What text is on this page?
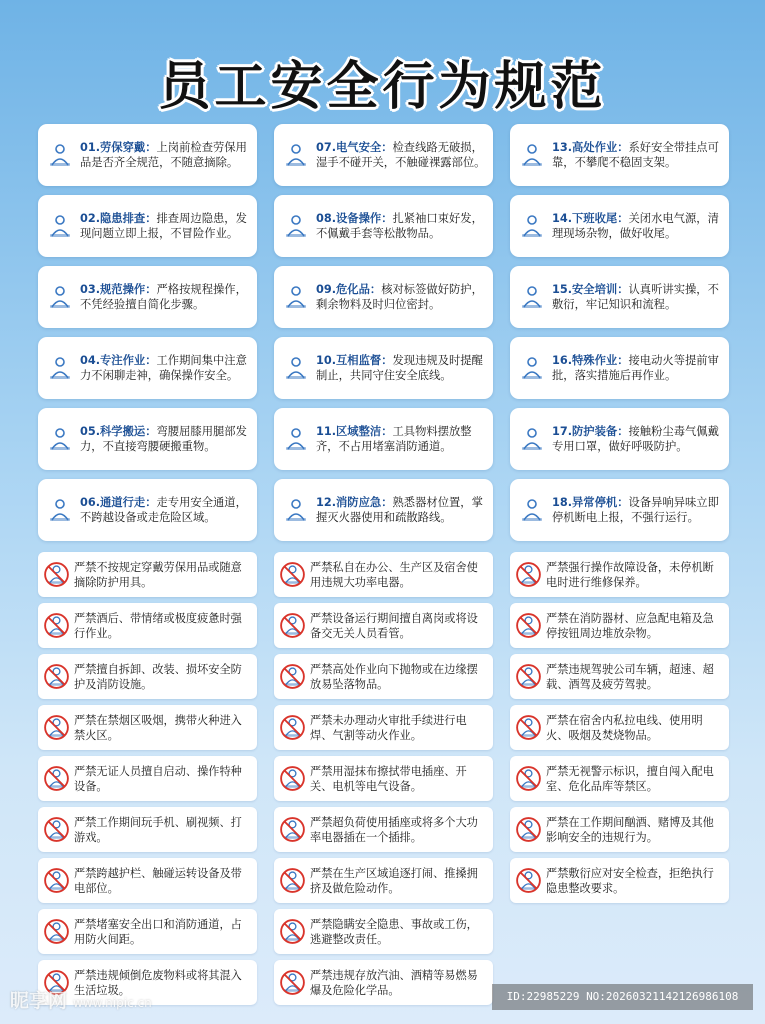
员工安全行为规范
01.劳保穿戴：上岗前检查劳保用品是否齐全规范，不随意摘除。
07.电气安全：检查线路无破损，湿手不碰开关，不触碰裸露部位。
13.高处作业：系好安全带挂点可靠，不攀爬不稳固支架。
02.隐患排查：排查周边隐患，发现问题立即上报，不冒险作业。
08.设备操作：扎紧袖口束好发，不佩戴手套等松散物品。
14.下班收尾：关闭水电气源，清理现场杂物，做好收尾。
03.规范操作：严格按规程操作，不凭经验擅自简化步骤。
09.危化品：核对标签做好防护，剩余物料及时归位密封。
15.安全培训：认真听讲实操，不敷衍，牢记知识和流程。
04.专注作业：工作期间集中注意力不闲聊走神，确保操作安全。
10.互相监督：发现违规及时提醒制止，共同守住安全底线。
16.特殊作业：接电动火等提前审批，落实措施后再作业。
05.科学搬运：弯腰屈膝用腿部发力，不直接弯腰硬搬重物。
11.区域整洁：工具物料摆放整齐，不占用堵塞消防通道。
17.防护装备：接触粉尘毒气佩戴专用口罩，做好呼吸防护。
06.通道行走：走专用安全通道，不跨越设备或走危险区域。
12.消防应急：熟悉器材位置，掌握灭火器使用和疏散路线。
18.异常停机：设备异响异味立即停机断电上报，不强行运行。
严禁不按规定穿戴劳保用品或随意摘除防护用具。
严禁私自在办公、生产区及宿舍使用违规大功率电器。
严禁强行操作故障设备，未停机断电时进行维修保养。
严禁酒后、带情绪或极度疲惫时强行作业。
严禁设备运行期间擅自离岗或将设备交无关人员看管。
严禁在消防器材、应急配电箱及急停按钮周边堆放杂物。
严禁擅自拆卸、改装、损坏安全防护及消防设施。
严禁高处作业向下抛物或在边缘摆放易坠落物品。
严禁违规驾驶公司车辆，超速、超载、酒驾及疲劳驾驶。
严禁在禁烟区吸烟，携带火种进入禁火区。
严禁未办理动火审批手续进行电焊、气割等动火作业。
严禁在宿舍内私拉电线、使用明火、吸烟及焚烧物品。
严禁无证人员擅自启动、操作特种设备。
严禁用湿抹布擦拭带电插座、开关、电机等电气设备。
严禁无视警示标识，擅自闯入配电室、危化品库等禁区。
严禁工作期间玩手机、刷视频、打游戏。
严禁超负荷使用插座或将多个大功率电器插在一个插排。
严禁在工作期间酗酒、赌博及其他影响安全的违规行为。
严禁跨越护栏、触碰运转设备及带电部位。
严禁在生产区域追逐打闹、推搡拥挤及做危险动作。
严禁敷衍应对安全检查，拒绝执行隐患整改要求。
严禁堵塞安全出口和消防通道，占用防火间距。
严禁隐瞒安全隐患、事故或工伤，逃避整改责任。
严禁违规倾倒危废物料或将其混入生活垃圾。
严禁违规存放汽油、酒精等易燃易爆及危险化学品。
昵享网 www.nipic.cn	ID:22985229 NO:20260321142126986108
